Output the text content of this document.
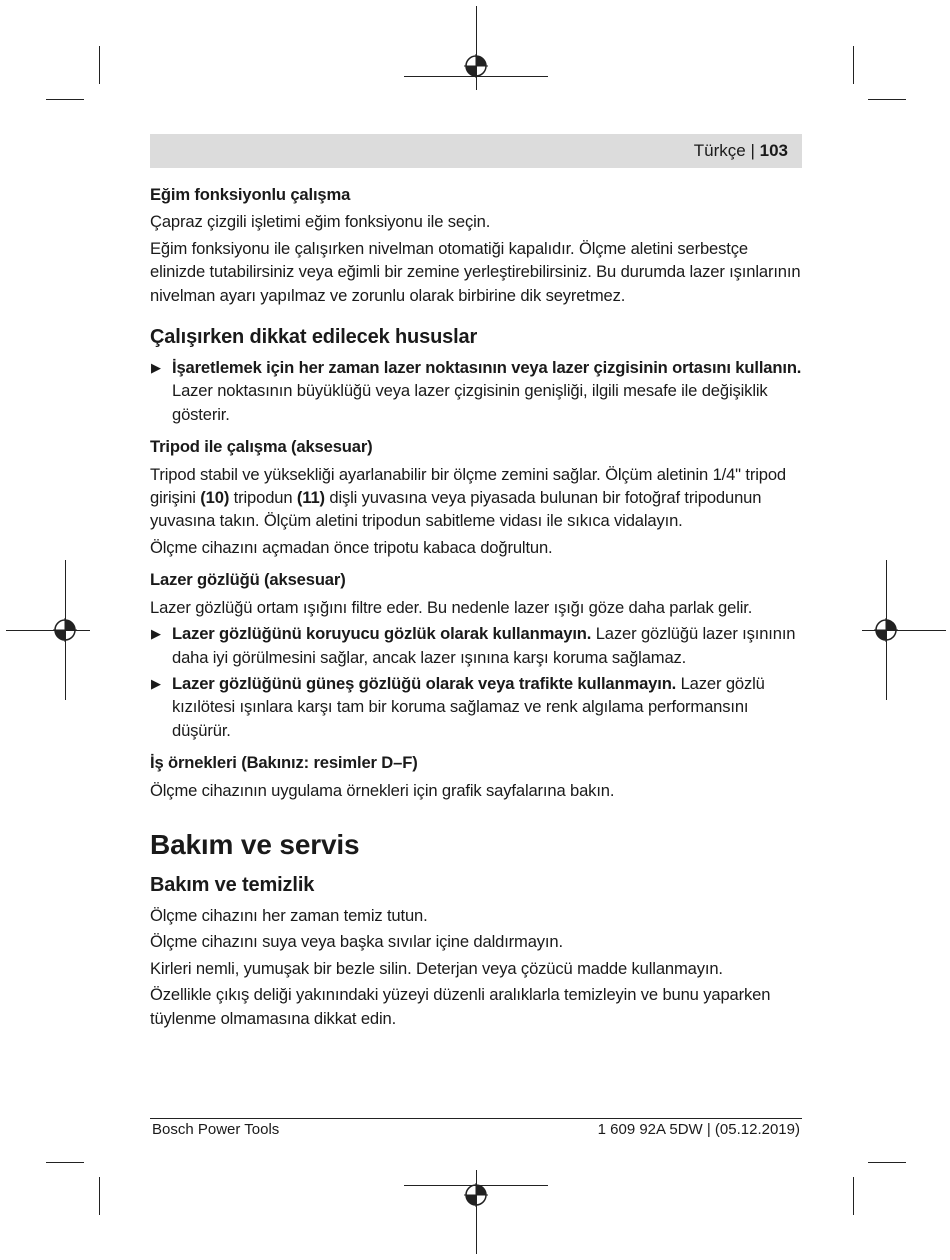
Türkçe | 103
Eğim fonksiyonlu çalışma

Çapraz çizgili işletimi eğim fonksiyonu ile seçin.

Eğim fonksiyonu ile çalışırken nivelman otomatiği kapalıdır. Ölçme aletini serbestçe elinizde tutabilirsiniz veya eğimli bir zemine yerleştirebilirsiniz. Bu durumda lazer ışınlarının nivelman ayarı yapılmaz ve zorunlu olarak birbirine dik seyretmez.

Çalışırken dikkat edilecek hususlar
▶ İşaretlemek için her zaman lazer noktasının veya lazer çizgisinin ortasını kullanın. Lazer noktasının büyüklüğü veya lazer çizgisinin genişliği, ilgili mesafe ile değişiklik gösterir.
Tripod ile çalışma (aksesuar)

Tripod stabil ve yüksekliği ayarlanabilir bir ölçme zemini sağlar. Ölçüm aletinin 1/4" tripod girişini (10) tripodun (11) dişli yuvasına veya piyasada bulunan bir fotoğraf tripodunun yuvasına takın. Ölçüm aletini tripodun sabitleme vidası ile sıkıca vidalayın.

Ölçme cihazını açmadan önce tripotu kabaca doğrultun.

Lazer gözlüğü (aksesuar)

Lazer gözlüğü ortam ışığını filtre eder. Bu nedenle lazer ışığı göze daha parlak gelir.

▶ Lazer gözlüğünü koruyucu gözlük olarak kullanmayın. Lazer gözlüğü lazer ışınının daha iyi görülmesini sağlar, ancak lazer ışınına karşı koruma sağlamaz.
▶ Lazer gözlüğünü güneş gözlüğü olarak veya trafikte kullanmayın. Lazer gözlü kızılötesi ışınlara karşı tam bir koruma sağlamaz ve renk algılama performansını düşürür.
İş örnekleri (Bakınız: resimler D–F)

Ölçme cihazının uygulama örnekleri için grafik sayfalarına bakın.

Bakım ve servis
Bakım ve temizlik

Ölçme cihazını her zaman temiz tutun.

Ölçme cihazını suya veya başka sıvılar içine daldırmayın.

Kirleri nemli, yumuşak bir bezle silin. Deterjan veya çözücü madde kullanmayın.

Özellikle çıkış deliği yakınındaki yüzeyi düzenli aralıklarla temizleyin ve bunu yaparken tüylenme olmamasına dikkat edin.

Bosch Power Tools	1 609 92A 5DW | (05.12.2019)
